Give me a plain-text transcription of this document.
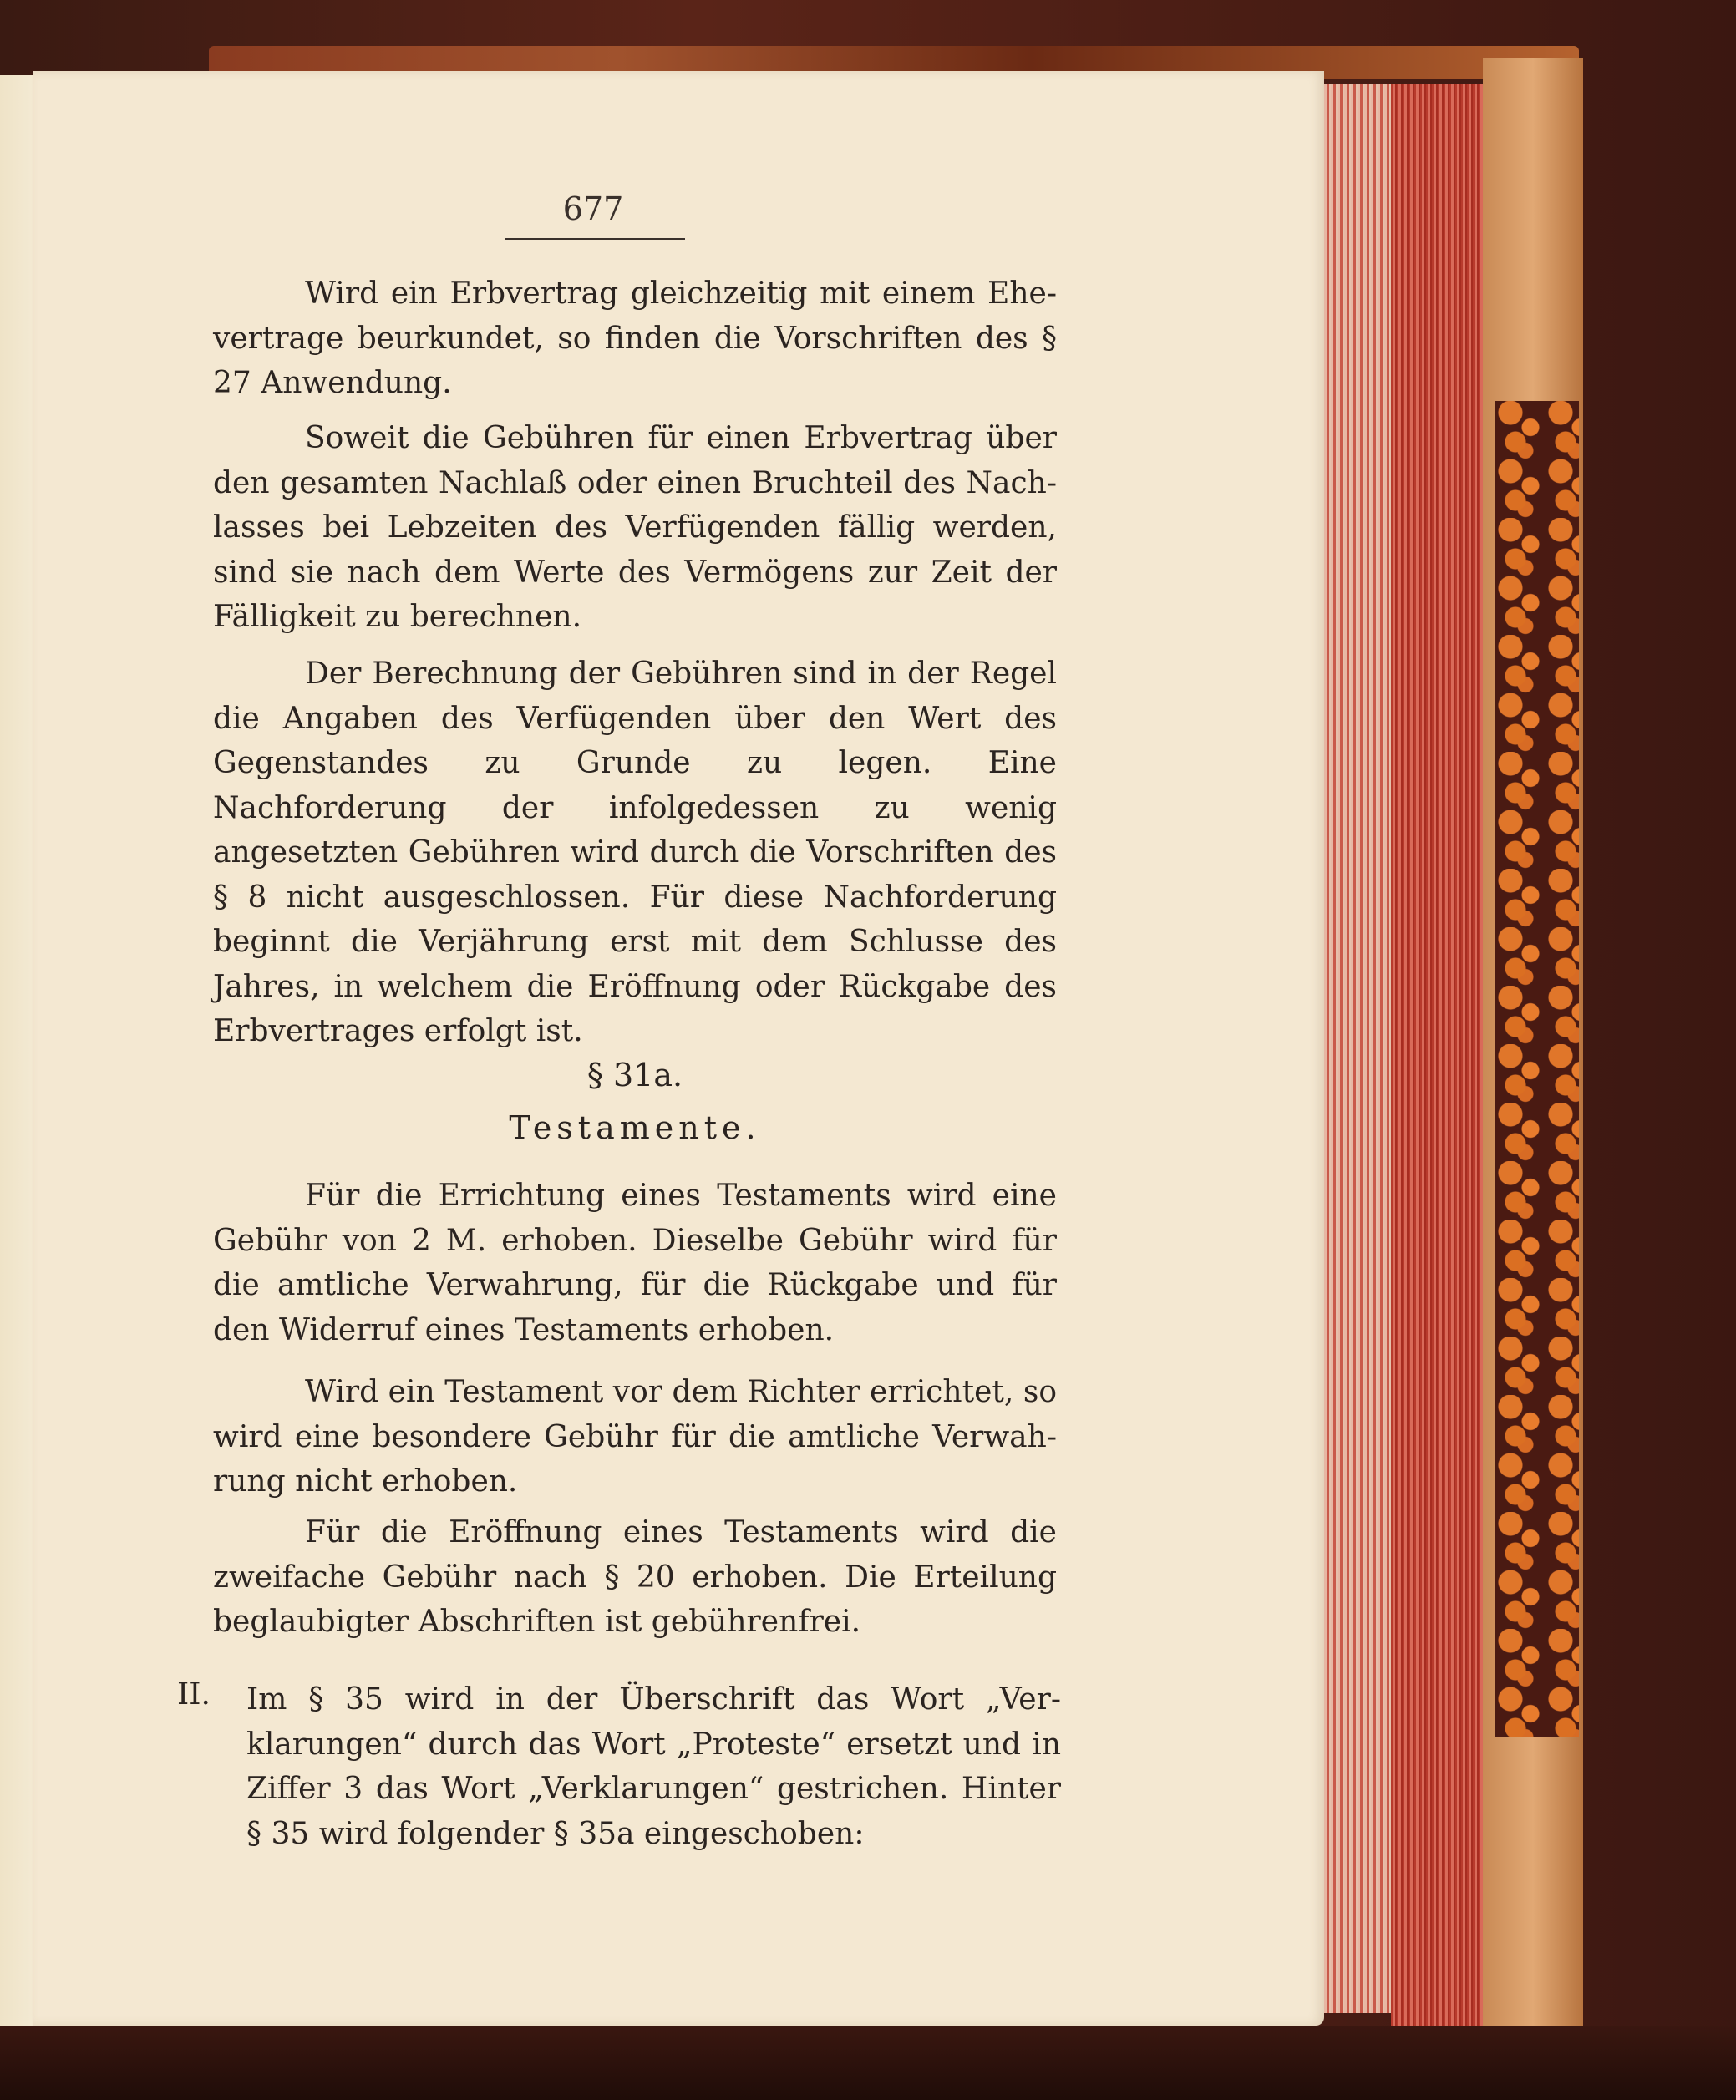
677

Wird ein Erbvertrag gleichzeitig mit einem Ehevertrage beurkundet, so finden die Vorschriften des § 27 Anwendung.

Soweit die Gebühren für einen Erbvertrag über den gesamten Nachlaß oder einen Bruchteil des Nachlasses bei Lebzeiten des Verfügenden fällig werden, sind sie nach dem Werte des Vermögens zur Zeit der Fälligkeit zu berechnen.

Der Berechnung der Gebühren sind in der Regel die Angaben des Verfügenden über den Wert des Gegenstandes zu Grunde zu legen. Eine Nachforderung der infolgedessen zu wenig angesetzten Gebühren wird durch die Vorschriften des § 8 nicht ausgeschlossen. Für diese Nachforderung beginnt die Verjährung erst mit dem Schlusse des Jahres, in welchem die Eröffnung oder Rückgabe des Erbvertrages erfolgt ist.

§ 31a.
Testamente.

Für die Errichtung eines Testaments wird eine Gebühr von 2 M. erhoben. Dieselbe Gebühr wird für die amtliche Verwahrung, für die Rückgabe und für den Widerruf eines Testaments erhoben.

Wird ein Testament vor dem Richter errichtet, so wird eine besondere Gebühr für die amtliche Verwahrung nicht erhoben.

Für die Eröffnung eines Testaments wird die zweifache Gebühr nach § 20 erhoben. Die Erteilung beglaubigter Abschriften ist gebührenfrei.

II. Im § 35 wird in der Überschrift das Wort „Verklarungen“ durch das Wort „Proteste“ ersetzt und in Ziffer 3 das Wort „Verklarungen“ gestrichen. Hinter § 35 wird folgender § 35a eingeschoben:
